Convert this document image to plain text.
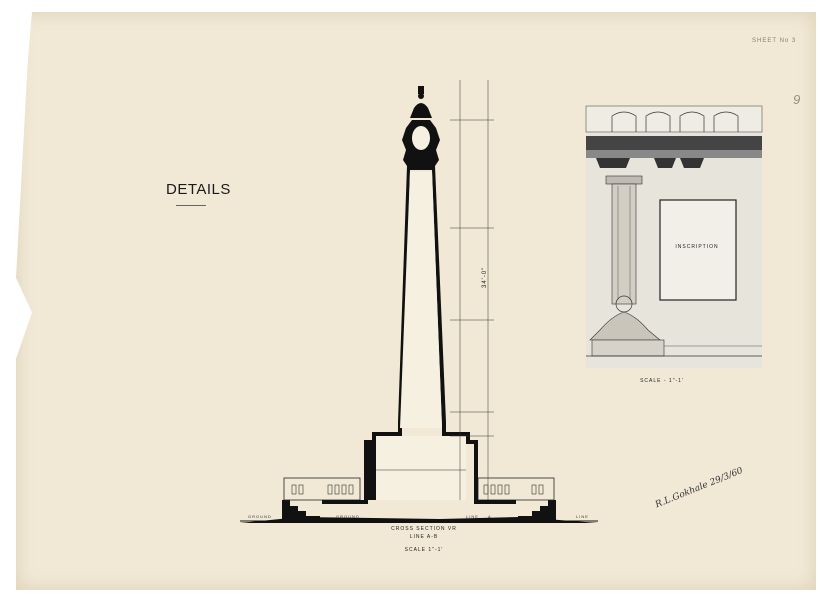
DETAILS
SHEET No 3
9
34'-0"
GROUND	GROUND	LINE A	LINE
CROSS SECTION VR
LINE A-B
SCALE 1"-1'
INSCRIPTION
SCALE - 1"-1'
R.L.Gokhale 29/3/60
